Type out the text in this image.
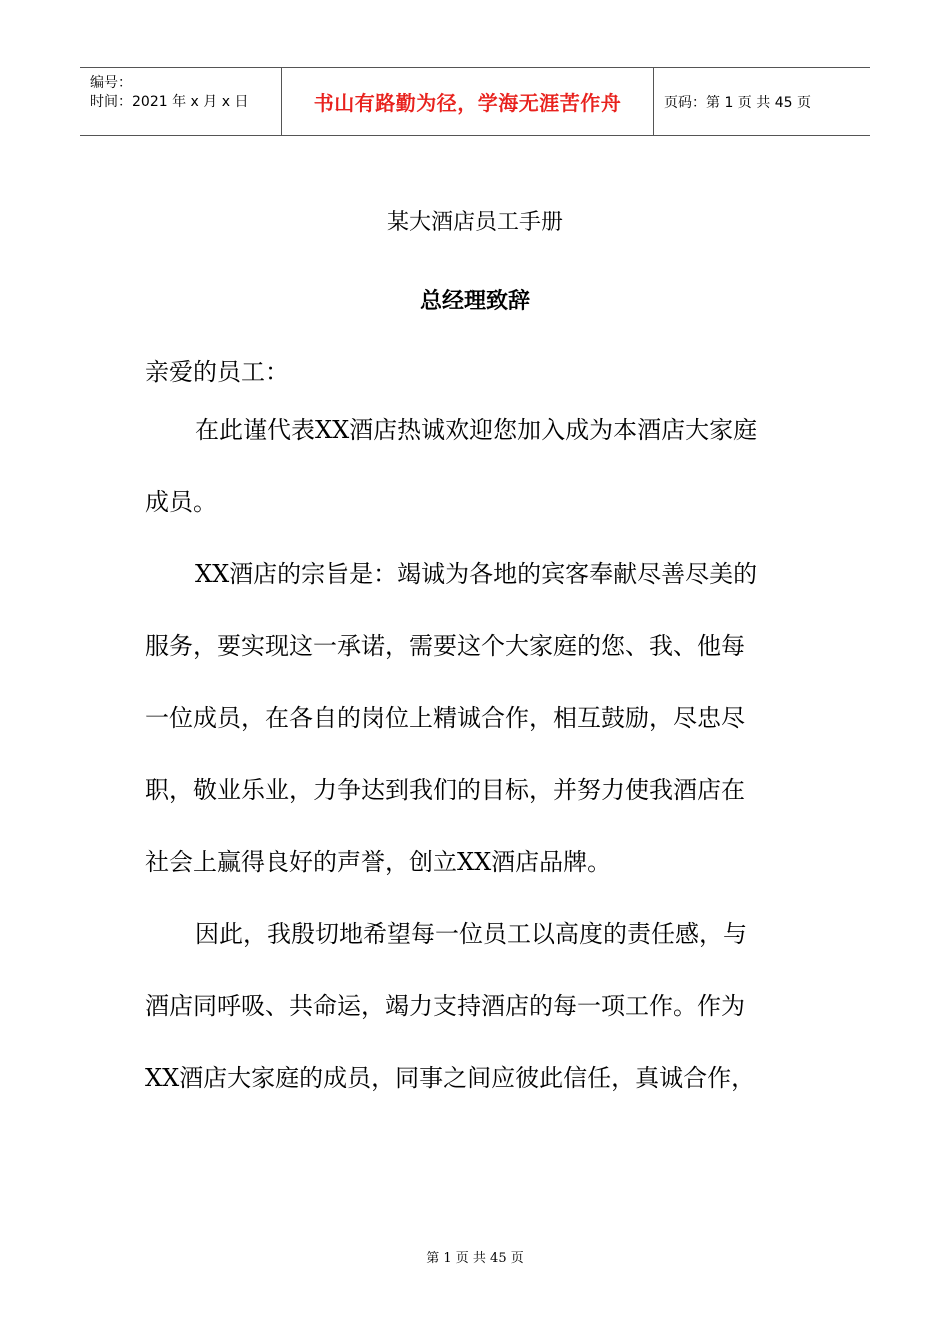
编号：
时间：2021 年 x 月 x 日	书山有路勤为径，学海无涯苦作舟	页码：第 1 页 共 45 页
某大酒店员工手册
总经理致辞

亲爱的员工：

在此谨代表XX酒店热诚欢迎您加入成为本酒店大家庭
成员。
XX酒店的宗旨是：竭诚为各地的宾客奉献尽善尽美的
服务，要实现这一承诺，需要这个大家庭的您、我、他每
一位成员，在各自的岗位上精诚合作，相互鼓励，尽忠尽
职，敬业乐业，力争达到我们的目标，并努力使我酒店在
社会上赢得良好的声誉，创立XX酒店品牌。
因此，我殷切地希望每一位员工以高度的责任感，与
酒店同呼吸、共命运，竭力支持酒店的每一项工作。作为
XX酒店大家庭的成员，同事之间应彼此信任，真诚合作，
第 1 页 共 45 页
